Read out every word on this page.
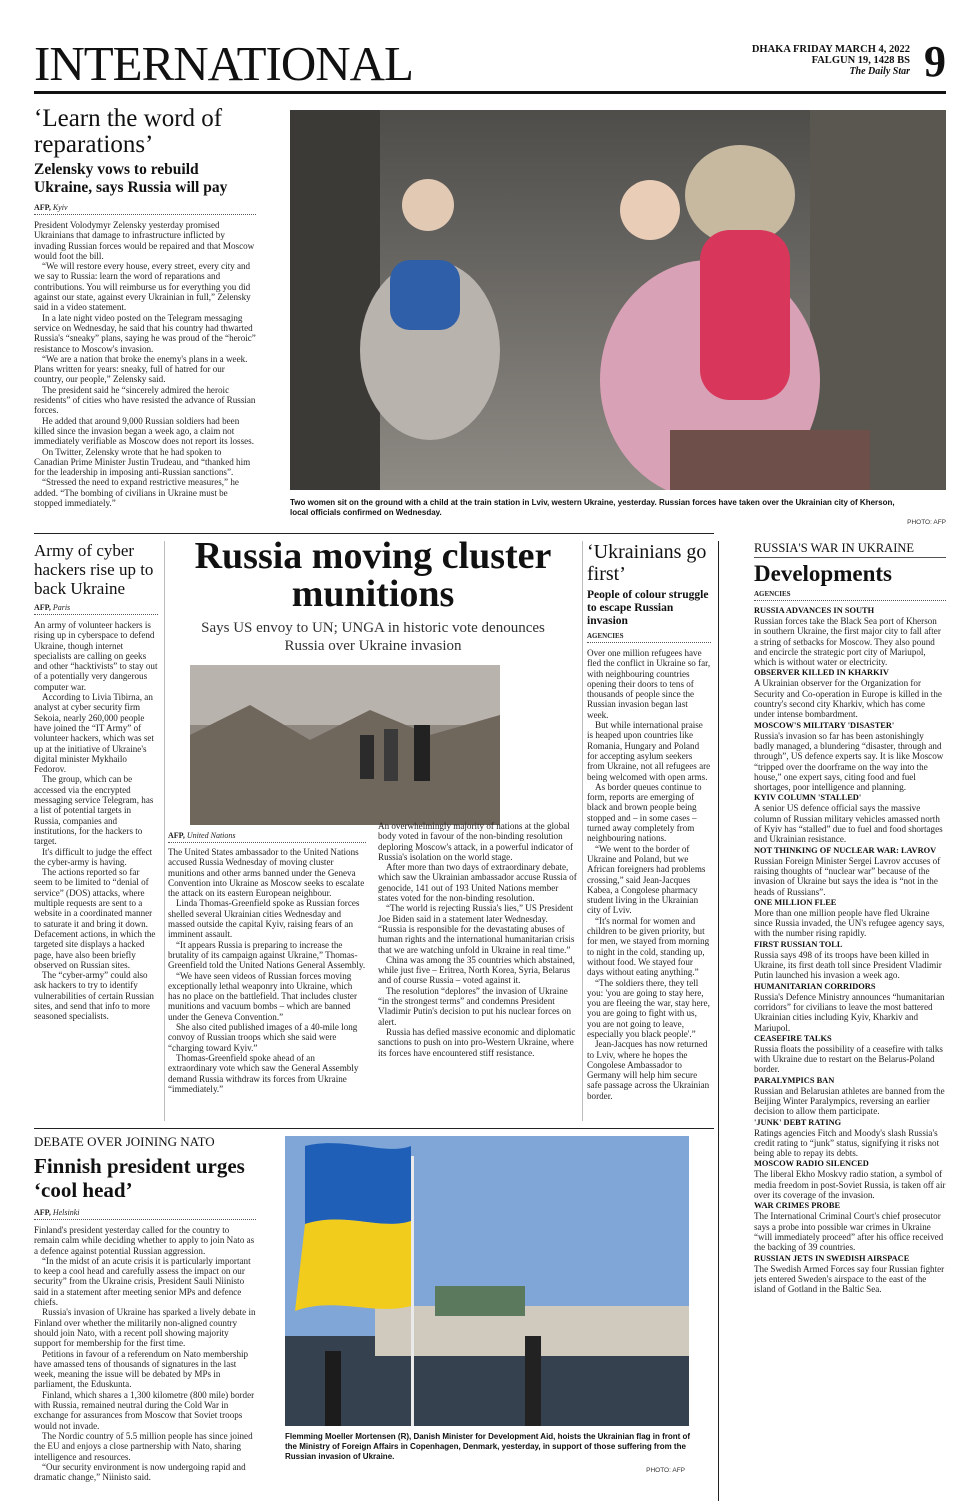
INTERNATIONAL	DHAKA FRIDAY MARCH 4, 2022
FALGUN 19, 1428 BS
The Daily Star 9
‘Learn the word of reparations’
Zelensky vows to rebuild Ukraine, says Russia will pay
AFP, Kyiv

President Volodymyr Zelensky yesterday promised Ukrainians that damage to infrastructure inflicted by invading Russian forces would be repaired and that Moscow would foot the bill.

“We will restore every house, every street, every city and we say to Russia: learn the word of reparations and contributions. You will reimburse us for everything you did against our state, against every Ukrainian in full,” Zelensky said in a video statement.

In a late night video posted on the Telegram messaging service on Wednesday, he said that his country had thwarted Russia's “sneaky” plans, saying he was proud of the “heroic” resistance to Moscow's invasion.

“We are a nation that broke the enemy's plans in a week. Plans written for years: sneaky, full of hatred for our country, our people,” Zelensky said.

The president said he “sincerely admired the heroic residents” of cities who have resisted the advance of Russian forces.

He added that around 9,000 Russian soldiers had been killed since the invasion began a week ago, a claim not immediately verifiable as Moscow does not report its losses.

On Twitter, Zelensky wrote that he had spoken to Canadian Prime Minister Justin Trudeau, and “thanked him for the leadership in imposing anti-Russian sanctions”.

“Stressed the need to expand restrictive measures,” he added. “The bombing of civilians in Ukraine must be stopped immediately.”	Two women sit on the ground with a child at the train station in Lviv, western Ukraine, yesterday. Russian forces have taken over the Ukrainian city of Kherson, local officials confirmed on Wednesday.
PHOTO: AFP
Army of cyber hackers rise up to back Ukraine
AFP, Paris

An army of volunteer hackers is rising up in cyberspace to defend Ukraine, though internet specialists are calling on geeks and other “hacktivists” to stay out of a potentially very dangerous computer war.

According to Livia Tibirna, an analyst at cyber security firm Sekoia, nearly 260,000 people have joined the “IT Army” of volunteer hackers, which was set up at the initiative of Ukraine's digital minister Mykhailo Fedorov.

The group, which can be accessed via the encrypted messaging service Telegram, has a list of potential targets in Russia, companies and institutions, for the hackers to target.

It's difficult to judge the effect the cyber-army is having.

The actions reported so far seem to be limited to “denial of service” (DOS) attacks, where multiple requests are sent to a website in a coordinated manner to saturate it and bring it down. Defacement actions, in which the targeted site displays a hacked page, have also been briefly observed on Russian sites.

The “cyber-army” could also ask hackers to try to identify vulnerabilities of certain Russian sites, and send that info to more seasoned specialists.

Russia moving cluster munitions
Says US envoy to UN; UNGA in historic vote denounces Russia over Ukraine invasion
AFP, United Nations

The United States ambassador to the United Nations accused Russia Wednesday of moving cluster munitions and other arms banned under the Geneva Convention into Ukraine as Moscow seeks to escalate the attack on its eastern European neighbour.

Linda Thomas-Greenfield spoke as Russian forces shelled several Ukrainian cities Wednesday and massed outside the capital Kyiv, raising fears of an imminent assault.

“It appears Russia is preparing to increase the brutality of its campaign against Ukraine,” Thomas-Greenfield told the United Nations General Assembly.

“We have seen videos of Russian forces moving exceptionally lethal weaponry into Ukraine, which has no place on the battlefield. That includes cluster munitions and vacuum bombs – which are banned under the Geneva Convention.”

She also cited published images of a 40-mile long convoy of Russian troops which she said were “charging toward Kyiv.”

Thomas-Greenfield spoke ahead of an extraordinary vote which saw the General Assembly demand Russia withdraw its forces from Ukraine “immediately.”

An overwhelmingly majority of nations at the global body voted in favour of the non-binding resolution deploring Moscow's attack, in a powerful indicator of Russia's isolation on the world stage.

After more than two days of extraordinary debate, which saw the Ukrainian ambassador accuse Russia of genocide, 141 out of 193 United Nations member states voted for the non-binding resolution.

“The world is rejecting Russia's lies,” US President Joe Biden said in a statement later Wednesday. “Russia is responsible for the devastating abuses of human rights and the international humanitarian crisis that we are watching unfold in Ukraine in real time.”

China was among the 35 countries which abstained, while just five – Eritrea, North Korea, Syria, Belarus and of course Russia – voted against it.

The resolution “deplores” the invasion of Ukraine “in the strongest terms” and condemns President Vladimir Putin's decision to put his nuclear forces on alert.

Russia has defied massive economic and diplomatic sanctions to push on into pro-Western Ukraine, where its forces have encountered stiff resistance.

‘Ukrainians go first’
People of colour struggle to escape Russian invasion
AGENCIES

Over one million refugees have fled the conflict in Ukraine so far, with neighbouring countries opening their doors to tens of thousands of people since the Russian invasion began last week.

But while international praise is heaped upon countries like Romania, Hungary and Poland for accepting asylum seekers from Ukraine, not all refugees are being welcomed with open arms.

As border queues continue to form, reports are emerging of black and brown people being stopped and – in some cases – turned away completely from neighbouring nations.

“We went to the border of Ukraine and Poland, but we African foreigners had problems crossing,” said Jean-Jacques Kabea, a Congolese pharmacy student living in the Ukrainian city of Lviv.

“It's normal for women and children to be given priority, but for men, we stayed from morning to night in the cold, standing up, without food. We stayed four days without eating anything.”

“The soldiers there, they tell you: 'you are going to stay here, you are fleeing the war, stay here, you are going to fight with us, you are not going to leave, especially you black people'.”

Jean-Jacques has now returned to Lviv, where he hopes the Congolese Ambassador to Germany will help him secure safe passage across the Ukrainian border.

RUSSIA'S WAR IN UKRAINE
Developments
AGENCIES
RUSSIA ADVANCES IN SOUTH
Russian forces take the Black Sea port of Kherson in southern Ukraine, the first major city to fall after a string of setbacks for Moscow. They also pound and encircle the strategic port city of Mariupol, which is without water or electricity.
OBSERVER KILLED IN KHARKIV
A Ukrainian observer for the Organization for Security and Co-operation in Europe is killed in the country's second city Kharkiv, which has come under intense bombardment.
MOSCOW'S MILITARY 'DISASTER'
Russia's invasion so far has been astonishingly badly managed, a blundering “disaster, through and through”, US defence experts say. It is like Moscow “tripped over the doorframe on the way into the house,” one expert says, citing food and fuel shortages, poor intelligence and planning.
KYIV COLUMN 'STALLED'
A senior US defence official says the massive column of Russian military vehicles amassed north of Kyiv has “stalled” due to fuel and food shortages and Ukrainian resistance.
NOT THINKING OF NUCLEAR WAR: LAVROV
Russian Foreign Minister Sergei Lavrov accuses of raising thoughts of “nuclear war” because of the invasion of Ukraine but says the idea is “not in the heads of Russians”.
ONE MILLION FLEE
More than one million people have fled Ukraine since Russia invaded, the UN's refugee agency says, with the number rising rapidly.
FIRST RUSSIAN TOLL
Russia says 498 of its troops have been killed in Ukraine, its first death toll since President Vladimir Putin launched his invasion a week ago.
HUMANITARIAN CORRIDORS
Russia's Defence Ministry announces “humanitarian corridors” for civilians to leave the most battered Ukrainian cities including Kyiv, Kharkiv and Mariupol.
CEASEFIRE TALKS
Russia floats the possibility of a ceasefire with talks with Ukraine due to restart on the Belarus-Poland border.
PARALYMPICS BAN
Russian and Belarusian athletes are banned from the Beijing Winter Paralympics, reversing an earlier decision to allow them participate.
'JUNK' DEBT RATING
Ratings agencies Fitch and Moody's slash Russia's credit rating to “junk” status, signifying it risks not being able to repay its debts.
MOSCOW RADIO SILENCED
The liberal Ekho Moskvy radio station, a symbol of media freedom in post-Soviet Russia, is taken off air over its coverage of the invasion.
WAR CRIMES PROBE
The International Criminal Court's chief prosecutor says a probe into possible war crimes in Ukraine “will immediately proceed” after his office received the backing of 39 countries.
RUSSIAN JETS IN SWEDISH AIRSPACE
The Swedish Armed Forces say four Russian fighter jets entered Sweden's airspace to the east of the island of Gotland in the Baltic Sea.
DEBATE OVER JOINING NATO
Finnish president urges ‘cool head’
AFP, Helsinki

Finland's president yesterday called for the country to remain calm while deciding whether to apply to join Nato as a defence against potential Russian aggression.

“In the midst of an acute crisis it is particularly important to keep a cool head and carefully assess the impact on our security” from the Ukraine crisis, President Sauli Niinisto said in a statement after meeting senior MPs and defence chiefs.

Russia's invasion of Ukraine has sparked a lively debate in Finland over whether the militarily non-aligned country should join Nato, with a recent poll showing majority support for membership for the first time.

Petitions in favour of a referendum on Nato membership have amassed tens of thousands of signatures in the last week, meaning the issue will be debated by MPs in parliament, the Eduskunta.

Finland, which shares a 1,300 kilometre (800 mile) border with Russia, remained neutral during the Cold War in exchange for assurances from Moscow that Soviet troops would not invade.

The Nordic country of 5.5 million people has since joined the EU and enjoys a close partnership with Nato, sharing intelligence and resources.

“Our security environment is now undergoing rapid and dramatic change,” Niinisto said.

Flemming Moeller Mortensen (R), Danish Minister for Development Aid, hoists the Ukrainian flag in front of the Ministry of Foreign Affairs in Copenhagen, Denmark, yesterday, in support of those suffering from the Russian invasion of Ukraine.
PHOTO: AFP
